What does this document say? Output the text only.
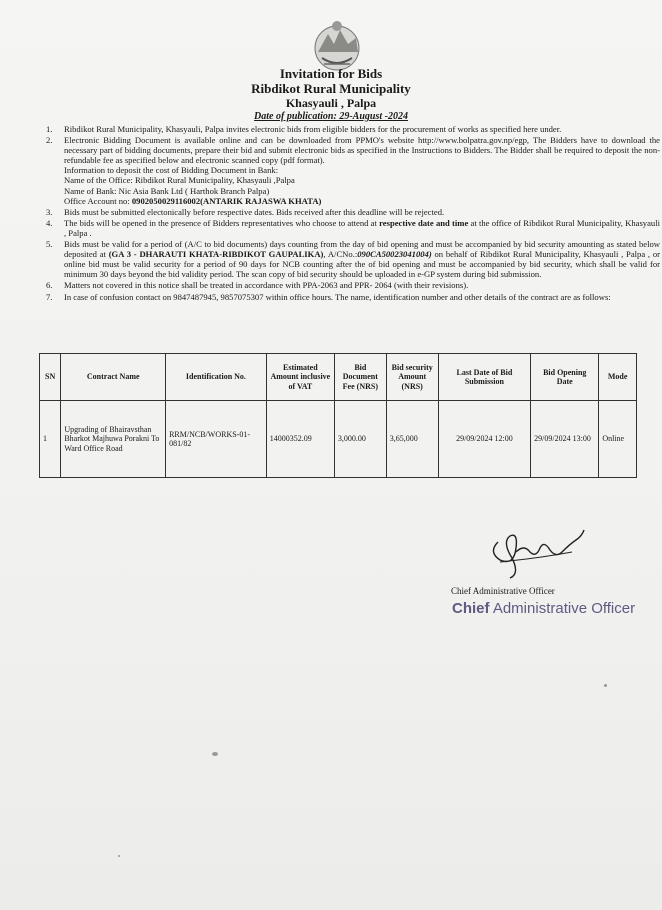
Invitation for Bids
Ribdikot Rural Municipality
Khasyauli , Palpa
Date of publication: 29-August -2024
1. Ribdikot Rural Municipality, Khasyauli, Palpa invites electronic bids from eligible bidders for the procurement of works as specified here under.
2. Electronic Bidding Document is available online and can be downloaded from PPMO's website http://www.bolpatra.gov.np/egp, The Bidders have to download the necessary part of bidding documents, prepare their bid and submit electronic bids as specified in the Instructions to Bidders. The Bidder shall be required to deposit the non-refundable fee as specified below and electronic scanned copy (pdf format).
Information to deposit the cost of Bidding Document in Bank:
Name of the Office: Ribdikot Rural Municipality, Khasyauli ,Palpa
Name of Bank: Nic Asia Bank Ltd ( Harthok Branch Palpa)
Office Account no: 0902050029116002(ANTARIK RAJASWA KHATA)
3. Bids must be submitted electonically before respective dates. Bids received after this deadline will be rejected.
4. The bids will be opened in the presence of Bidders representatives who choose to attend at respective date and time at the office of Ribdikot Rural Municipality, Khasyauli , Palpa .
5. Bids must be valid for a period of (A/C to bid documents) days counting from the day of bid opening and must be accompanied by bid security amounting as stated below deposited at (GA 3 - DHARAUTI KHATA-RIBDIKOT GAUPALIKA), A/CNo.:090CA50023041004) on behalf of Ribdikot Rural Municipality, Khasyauli , Palpa , or online bid must be valid security for a period of 90 days for NCB counting after the of bid opening and must be accompanied by bid security, which shall be valid for minimum 30 days beyond the bid validity period. The scan copy of bid security should be uploaded in e-GP system during bid submission.
6. Matters not covered in this notice shall be treated in accordance with PPA-2063 and PPR- 2064 (with their revisions).
7. In case of confusion contact on 9847487945, 9857075307 within office hours. The name, identification number and other details of the contract are as follows:
SN	Contract Name	Identification No.	Estimated Amount inclusive of VAT	Bid Document Fee (NRS)	Bid security Amount (NRS)	Last Date of Bid Submission	Bid Opening Date	Mode
1	Upgrading of Bhairavsthan Bharkot Majhuwa Porakni To Ward Office Road	RRM/NCB/WORKS-01-081/82	14000352.09	3,000.00	3,65,000	29/09/2024 12:00	29/09/2024 13:00	Online
Chief Administrative Officer
Chief Administrative Officer
